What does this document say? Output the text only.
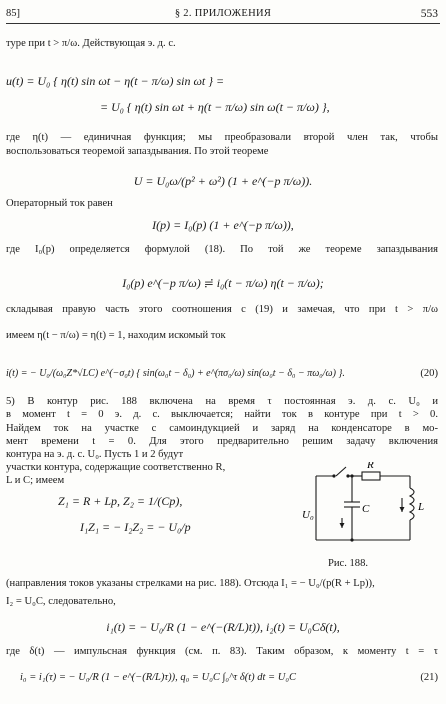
85]	§ 2. ПРИЛОЖЕНИЯ	553
туре при t > π/ω. Действующая э. д. с.
u(t) = U₀ { η(t) sin ωt − η(t − π/ω) sin ωt } =
= U₀ { η(t) sin ωt + η(t − π/ω) sin ω(t − π/ω) },
где η(t) — единичная функция; мы преобразовали второй член так, чтобы
воспользоваться теоремой запаздывания. По этой теореме
U = U₀ω/(p² + ω²) (1 + e^(−p π/ω)).
Операторный ток равен
I(p) = I₀(p) (1 + e^(−p π/ω)),
где I₀(p) определяется формулой (18). По той же теореме запаздывания
I₀(p) e^(−p π/ω) ≓ i₀(t − π/ω) η(t − π/ω);
складывая правую часть этого соотношения с (19) и замечая, что при t > π/ω
имеем η(t − π/ω) = η(t) = 1, находим искомый ток
i(t) = − U₀/(ω₀Z*√LC) e^(−σ₀t) { sin(ω₀t − δ₀) + e^(πσ₀/ω) sin(ω₀t − δ₀ − πω₀/ω) }.	(20)
5) В контур рис. 188 включена на время τ постоянная э. д. с. U₀ и
в момент t = 0 э. д. с. выключается; найти ток в контуре при t > 0.
Найдем ток на участке с самоиндукцией и заряд на конденсаторе в мо-
мент времени t = 0. Для этого предварительно решим задачу включения
контура на э. д. с. U₀. Пусть 1 и 2 будут
участки контура, содержащие соответственно R,
L и C; имеем
Z₁ = R + Lp, Z₂ = 1/(Cp),
I₁Z₁ = − I₂Z₂ = − U₀/p
U₀
R
C	L
Рис. 188.
(направления токов указаны стрелками на рис. 188). Отсюда I₁ = − U₀/(p(R + Lp)),
I₂ = U₀C, следовательно,
i₁(t) = − U₀/R (1 − e^(−(R/L)t)), i₂(t) = U₀Cδ(t),
где δ(t) — импульсная функция (см. п. 83). Таким образом, к моменту t = τ
i₀ = i₁(τ) = − U₀/R (1 − e^(−(R/L)τ)), q₀ = U₀C ∫₀^τ δ(t) dt = U₀C	(21)
